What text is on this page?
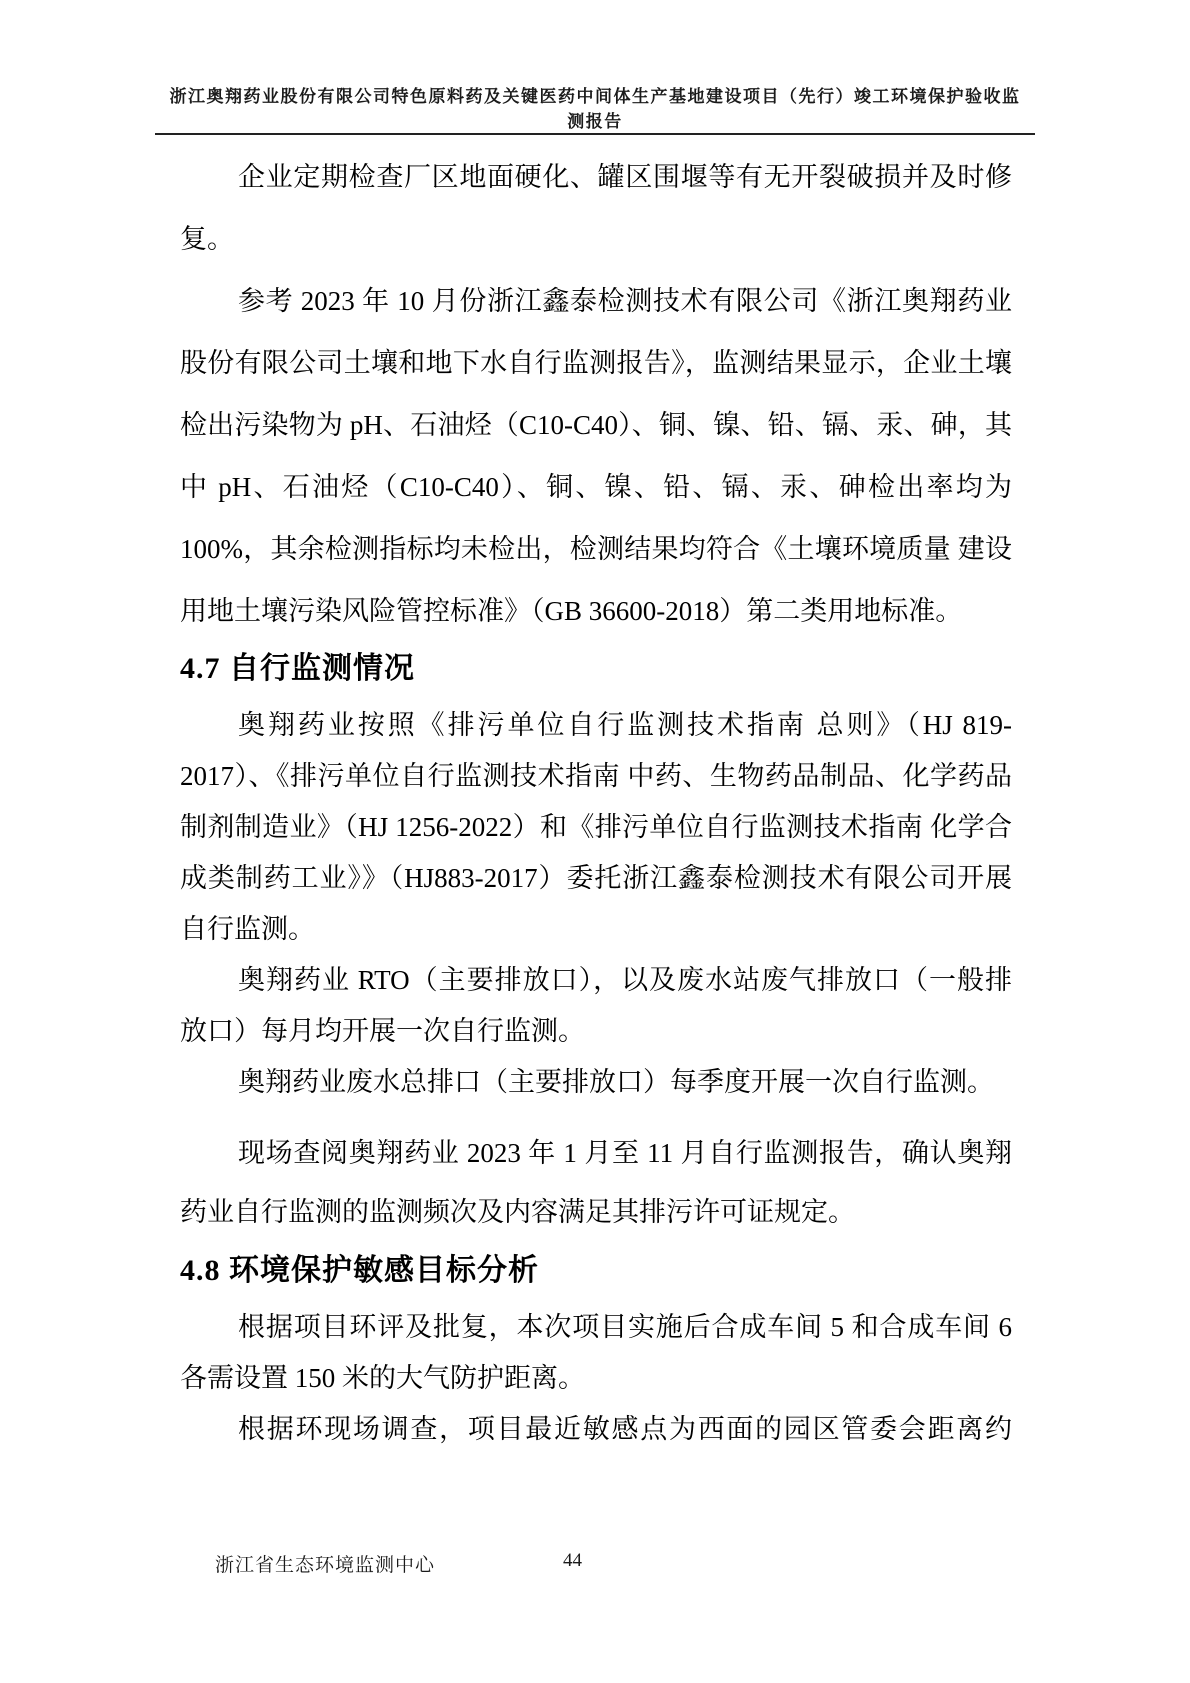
浙江奥翔药业股份有限公司特色原料药及关键医药中间体生产基地建设项目（先行）竣工环境保护验收监
测报告

企业定期检查厂区地面硬化、罐区围堰等有无开裂破损并及时修复。

参考 2023 年 10 月份浙江鑫泰检测技术有限公司《浙江奥翔药业股份有限公司土壤和地下水自行监测报告》，监测结果显示，企业土壤检出污染物为 pH、石油烃（C10-C40）、铜、镍、铅、镉、汞、砷，其中 pH、石油烃（C10-C40）、铜、镍、铅、镉、汞、砷检出率均为 100%，其余检测指标均未检出，检测结果均符合《土壤环境质量 建设用地土壤污染风险管控标准》（GB 36600-2018）第二类用地标准。

4.7 自行监测情况

奥翔药业按照《排污单位自行监测技术指南 总则》（HJ 819-2017）、《排污单位自行监测技术指南 中药、生物药品制品、化学药品制剂制造业》（HJ 1256-2022）和《排污单位自行监测技术指南 化学合成类制药工业》》（HJ883-2017）委托浙江鑫泰检测技术有限公司开展自行监测。

奥翔药业 RTO（主要排放口），以及废水站废气排放口（一般排放口）每月均开展一次自行监测。

奥翔药业废水总排口（主要排放口）每季度开展一次自行监测。

现场查阅奥翔药业 2023 年 1 月至 11 月自行监测报告，确认奥翔药业自行监测的监测频次及内容满足其排污许可证规定。

4.8 环境保护敏感目标分析

根据项目环评及批复，本次项目实施后合成车间 5 和合成车间 6 各需设置 150 米的大气防护距离。

根据环现场调查，项目最近敏感点为西面的园区管委会距离约

浙江省生态环境监测中心	44
